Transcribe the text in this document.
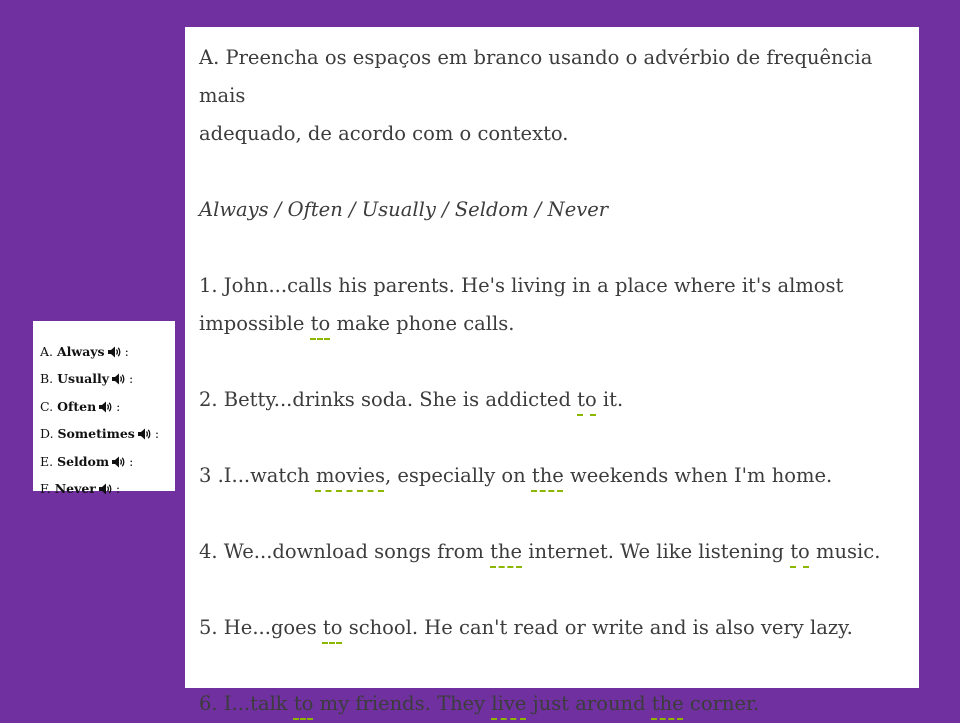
A. Preencha os espaços em branco usando o advérbio de frequência mais

adequado, de acordo com o contexto.

Always / Often / Usually / Seldom / Never

1. John...calls his parents. He's living in a place where it's almost

impossible to make phone calls.

2. Betty...drinks soda. She is addicted to it.

3 .I...watch movies, especially on the weekends when I'm home.

4. We...download songs from the internet. We like listening to music.

5. He...goes to school. He can't read or write and is also very lazy.

6. I...talk to my friends. They live just around the corner.

A. Always :
B. Usually :
C. Often :
D. Sometimes :
E. Seldom :
F. Never :
